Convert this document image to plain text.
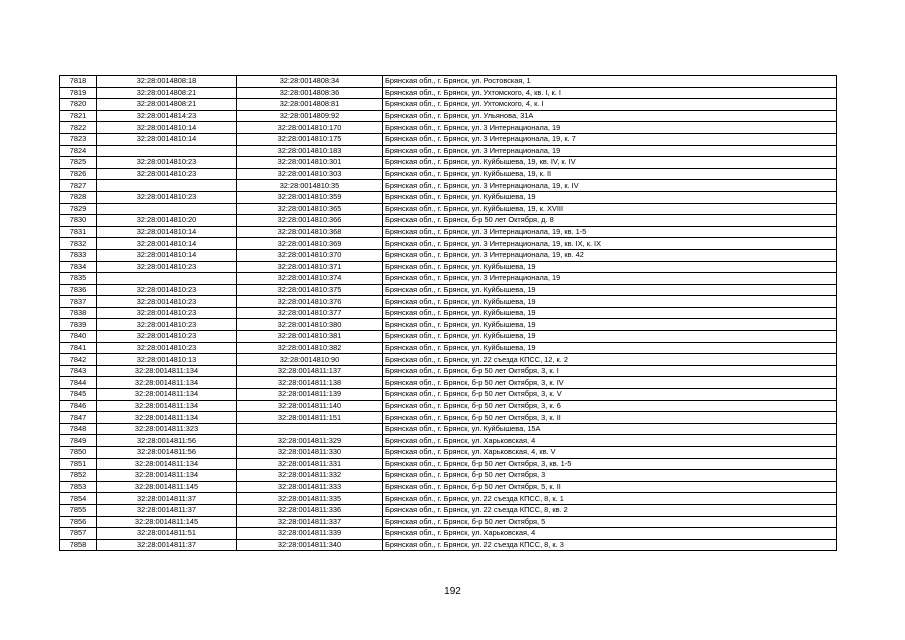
7818	32:28:0014808:18	32:28:0014808:34	Брянская обл., г. Брянск, ул. Ростовская, 1
7819	32:28:0014808:21	32:28:0014808:36	Брянская обл., г. Брянск, ул. Ухтомского, 4, кв. I, к. I
7820	32:28:0014808:21	32:28:0014808:81	Брянская обл., г. Брянск, ул. Ухтомского, 4, к. I
7821	32:28:0014814:23	32:28:0014809:92	Брянская обл., г. Брянск, ул. Ульянова, 31А
7822	32:28:0014810:14	32:28:0014810:170	Брянская обл., г. Брянск, ул. 3 Интернационала, 19
7823	32:28:0014810:14	32:28:0014810:175	Брянская обл., г. Брянск, ул. 3 Интернационала, 19, к. 7
7824		32:28:0014810:183	Брянская обл., г. Брянск, ул. 3 Интернационала, 19
7825	32:28:0014810:23	32:28:0014810:301	Брянская обл., г. Брянск, ул. Куйбышева, 19, кв. IV, к. IV
7826	32:28:0014810:23	32:28:0014810:303	Брянская обл., г. Брянск, ул. Куйбышева, 19, к. II
7827		32:28:0014810:35	Брянская обл., г. Брянск, ул. 3 Интернационала, 19, к. IV
7828	32:28:0014810:23	32:28:0014810:359	Брянская обл., г. Брянск, ул. Куйбышева, 19
7829		32:28:0014810:365	Брянская обл., г. Брянск, ул. Куйбышева, 19, к. XVIII
7830	32:28:0014810:20	32:28:0014810:366	Брянская обл., г. Брянск, б-р 50 лет Октября, д. 8
7831	32:28:0014810:14	32:28:0014810:368	Брянская обл., г. Брянск, ул. 3 Интернационала, 19, кв. 1-5
7832	32:28:0014810:14	32:28:0014810:369	Брянская обл., г. Брянск, ул. 3 Интернационала, 19, кв. IX, к. IX
7833	32:28:0014810:14	32:28:0014810:370	Брянская обл., г. Брянск, ул. 3 Интернационала, 19, кв. 42
7834	32:28:0014810:23	32:28:0014810:371	Брянская обл., г. Брянск, ул. Куйбышева, 19
7835		32:28:0014810:374	Брянская обл., г. Брянск, ул. 3 Интернационала, 19
7836	32:28:0014810:23	32:28:0014810:375	Брянская обл., г. Брянск, ул. Куйбышева, 19
7837	32:28:0014810:23	32:28:0014810:376	Брянская обл., г. Брянск, ул. Куйбышева, 19
7838	32:28:0014810:23	32:28:0014810:377	Брянская обл., г. Брянск, ул. Куйбышева, 19
7839	32:28:0014810:23	32:28:0014810:380	Брянская обл., г. Брянск, ул. Куйбышева, 19
7840	32:28:0014810:23	32:28:0014810:381	Брянская обл., г. Брянск, ул. Куйбышева, 19
7841	32:28:0014810:23	32:28:0014810:382	Брянская обл., г. Брянск, ул. Куйбышева, 19
7842	32:28:0014810:13	32:28:0014810:90	Брянская обл., г. Брянск, ул. 22 съезда КПСС, 12, к. 2
7843	32:28:0014811:134	32:28:0014811:137	Брянская обл., г. Брянск, б-р 50 лет Октября, 3, к. I
7844	32:28:0014811:134	32:28:0014811:138	Брянская обл., г. Брянск, б-р 50 лет Октября, 3, к. IV
7845	32:28:0014811:134	32:28:0014811:139	Брянская обл., г. Брянск, б-р 50 лет Октября, 3, к. V
7846	32:28:0014811:134	32:28:0014811:140	Брянская обл., г. Брянск, б-р 50 лет Октября, 3, к. 6
7847	32:28:0014811:134	32:28:0014811:151	Брянская обл., г. Брянск, б-р 50 лет Октября, 3, к. II
7848	32:28:0014811:323		Брянская обл., г. Брянск, ул. Куйбышева, 15А
7849	32:28:0014811:56	32:28:0014811:329	Брянская обл., г. Брянск, ул. Харьковская, 4
7850	32:28:0014811:56	32:28:0014811:330	Брянская обл., г. Брянск, ул. Харьковская, 4, кв. V
7851	32:28:0014811:134	32:28:0014811:331	Брянская обл., г. Брянск, б-р 50 лет Октября, 3, кв. 1-5
7852	32:28:0014811:134	32:28:0014811:332	Брянская обл., г. Брянск, б-р 50 лет Октября, 3
7853	32:28:0014811:145	32:28:0014811:333	Брянская обл., г. Брянск, б-р 50 лет Октября, 5, к. II
7854	32:28:0014811:37	32:28:0014811:335	Брянская обл., г. Брянск, ул. 22 съезда КПСС, 8, к. 1
7855	32:28:0014811:37	32:28:0014811:336	Брянская обл., г. Брянск, ул. 22 съезда КПСС, 8, кв. 2
7856	32:28:0014811:145	32:28:0014811:337	Брянская обл., г. Брянск, б-р 50 лет Октября, 5
7857	32:28:0014811:51	32:28:0014811:339	Брянская обл., г. Брянск, ул. Харьковская, 4
7858	32:28:0014811:37	32:28:0014811:340	Брянская обл., г. Брянск, ул. 22 съезда КПСС, 8, к. 3
192
